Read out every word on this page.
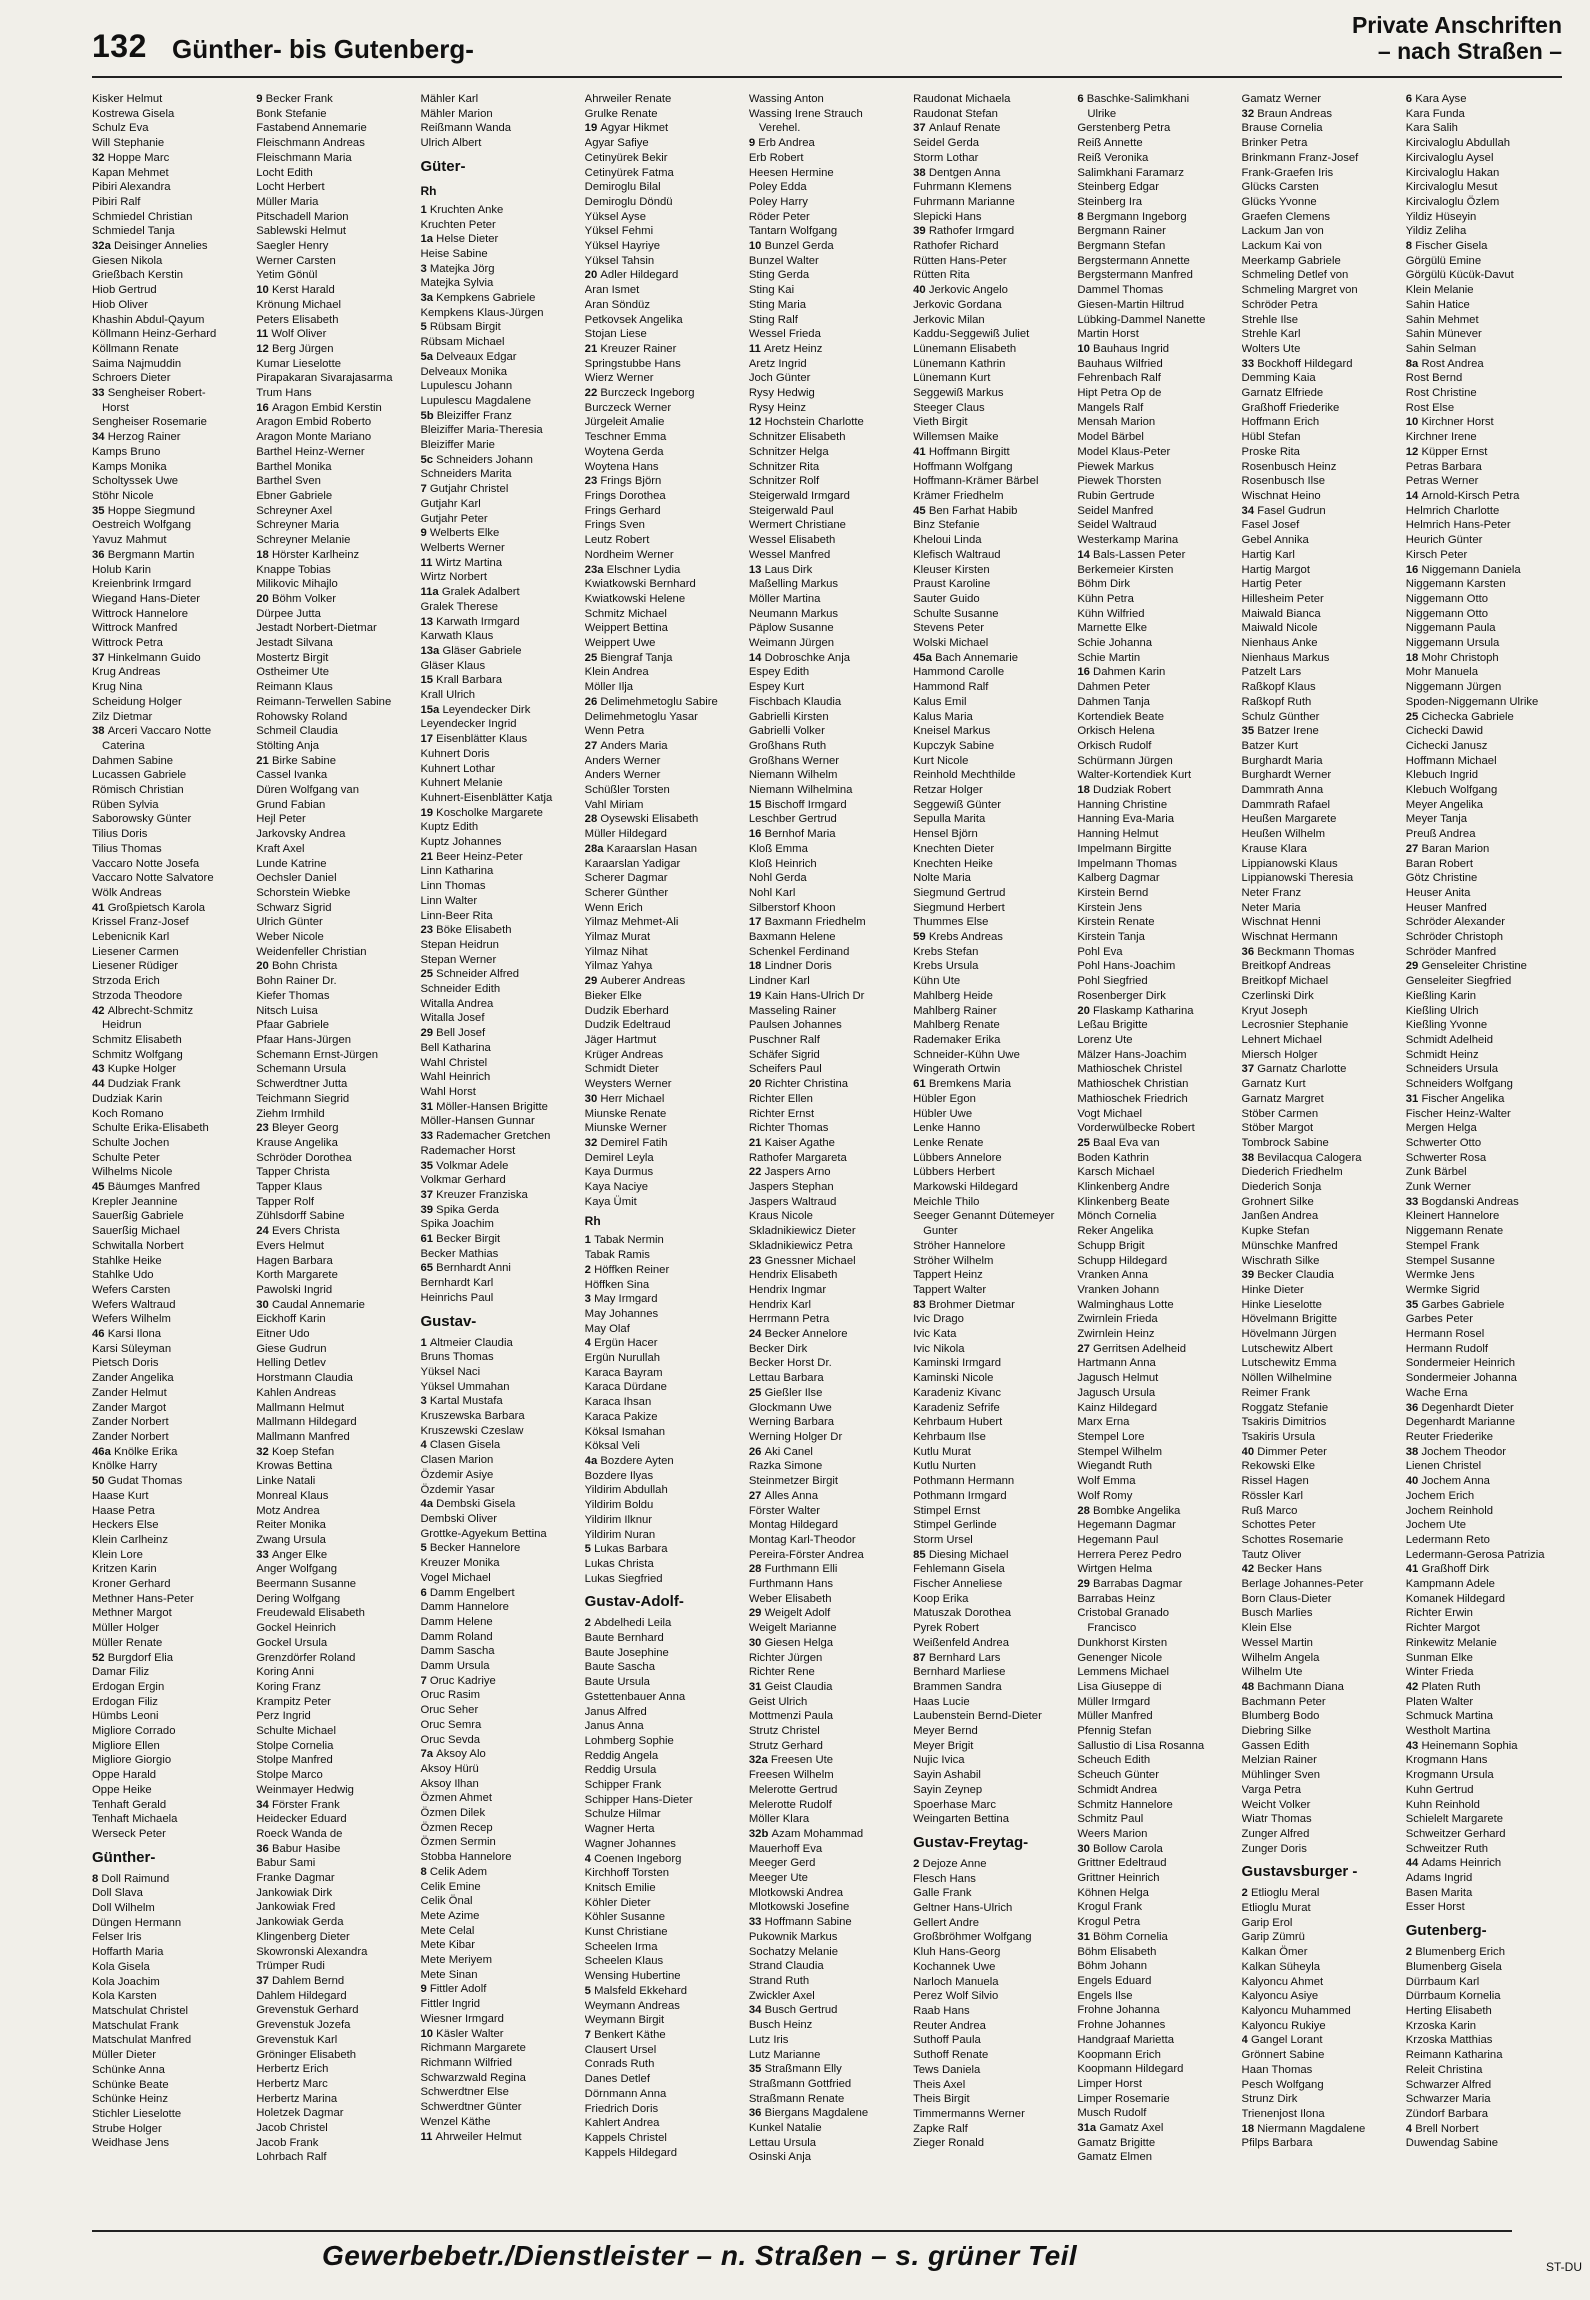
132 Günther- bis Gutenberg-
Private Anschriften
– nach Straßen –
Kisker Helmut
Kostrewa Gisela
Schulz Eva
Will Stephanie
32 Hoppe Marc
Kapan Mehmet
Pibiri Alexandra
Pibiri Ralf
Schmiedel Christian
Schmiedel Tanja
32a Deisinger Annelies
Giesen Nikola
Grießbach Kerstin
Hiob Gertrud
Hiob Oliver
Khashin Abdul-Qayum
Köllmann Heinz-Gerhard
Köllmann Renate
Saima Najmuddin
Schroers Dieter
33 Sengheiser Robert-
Horst
Sengheiser Rosemarie
34 Herzog Rainer
Kamps Bruno
Kamps Monika
Scholtyssek Uwe
Stöhr Nicole
35 Hoppe Siegmund
Oestreich Wolfgang
Yavuz Mahmut
36 Bergmann Martin
Holub Karin
Kreienbrink Irmgard
Wiegand Hans-Dieter
Wittrock Hannelore
Wittrock Manfred
Wittrock Petra
37 Hinkelmann Guido
Krug Andreas
Krug Nina
Scheidung Holger
Zilz Dietmar
38 Arceri Vaccaro Notte
Caterina
Dahmen Sabine
Lucassen Gabriele
Römisch Christian
Rüben Sylvia
Saborowsky Günter
Tilius Doris
Tilius Thomas
Vaccaro Notte Josefa
Vaccaro Notte Salvatore
Wölk Andreas
41 Großpietsch Karola
Krissel Franz-Josef
Lebenicnik Karl
Liesener Carmen
Liesener Rüdiger
Strzoda Erich
Strzoda Theodore
42 Albrecht-Schmitz
Heidrun
Schmitz Elisabeth
Schmitz Wolfgang
43 Kupke Holger
44 Dudziak Frank
Dudziak Karin
Koch Romano
Schulte Erika-Elisabeth
Schulte Jochen
Schulte Peter
Wilhelms Nicole
45 Bäumges Manfred
Krepler Jeannine
Sauerßig Gabriele
Sauerßig Michael
Schwitalla Norbert
Stahlke Heike
Stahlke Udo
Wefers Carsten
Wefers Waltraud
Wefers Wilhelm
46 Karsi Ilona
Karsi Süleyman
Pietsch Doris
Zander Angelika
Zander Helmut
Zander Margot
Zander Norbert
Zander Norbert
46a Knölke Erika
Knölke Harry
50 Gudat Thomas
Haase Kurt
Haase Petra
Heckers Else
Klein Carlheinz
Klein Lore
Kritzen Karin
Kroner Gerhard
Methner Hans-Peter
Methner Margot
Müller Holger
Müller Renate
52 Burgdorf Elia
Damar Filiz
Erdogan Ergin
Erdogan Filiz
Hümbs Leoni
Migliore Corrado
Migliore Ellen
Migliore Giorgio
Oppe Harald
Oppe Heike
Tenhaft Gerald
Tenhaft Michaela
Werseck Peter
Günther-
8 Doll Raimund
Doll Slava
Doll Wilhelm
Düngen Hermann
Felser Iris
Hoffarth Maria
Kola Gisela
Kola Joachim
Kola Karsten
Matschulat Christel
Matschulat Frank
Matschulat Manfred
Müller Dieter
Schünke Anna
Schünke Beate
Schünke Heinz
Stichler Lieselotte
Strube Holger
Weidhase Jens
9 Becker Frank
Bonk Stefanie
Fastabend Annemarie
Fleischmann Andreas
Fleischmann Maria
Locht Edith
Locht Herbert
Müller Maria
Pitschadell Marion
Sablewski Helmut
Saegler Henry
Werner Carsten
Yetim Gönül
10 Kerst Harald
Krönung Michael
Peters Elisabeth
11 Wolf Oliver
12 Berg Jürgen
Kumar Lieselotte
Pirapakaran Sivarajasarma
Trum Hans
16 Aragon Embid Kerstin
Aragon Embid Roberto
Aragon Monte Mariano
Barthel Heinz-Werner
Barthel Monika
Barthel Sven
Ebner Gabriele
Schreyner Axel
Schreyner Maria
Schreyner Melanie
18 Hörster Karlheinz
Knappe Tobias
Milikovic Mihajlo
20 Böhm Volker
Dürpee Jutta
Jestadt Norbert-Dietmar
Jestadt Silvana
Mostertz Birgit
Ostheimer Ute
Reimann Klaus
Reimann-Terwellen Sabine
Rohowsky Roland
Schmeil Claudia
Stölting Anja
21 Birke Sabine
Cassel Ivanka
Düren Wolfgang van
Grund Fabian
Hejl Peter
Jarkovsky Andrea
Kraft Axel
Lunde Katrine
Oechsler Daniel
Schorstein Wiebke
Schwarz Sigrid
Ulrich Günter
Weber Nicole
Weidenfeller Christian
20 Bohn Christa
Bohn Rainer Dr.
Kiefer Thomas
Nitsch Luisa
Pfaar Gabriele
Pfaar Hans-Jürgen
Schemann Ernst-Jürgen
Schemann Ursula
Schwerdtner Jutta
Teichmann Siegrid
Ziehm Irmhild
23 Bleyer Georg
Krause Angelika
Schröder Dorothea
Tapper Christa
Tapper Klaus
Tapper Rolf
Zühlsdorff Sabine
24 Evers Christa
Evers Helmut
Hagen Barbara
Korth Margarete
Pawolski Ingrid
30 Caudal Annemarie
Eickhoff Karin
Eitner Udo
Giese Gudrun
Helling Detlev
Horstmann Claudia
Kahlen Andreas
Mallmann Helmut
Mallmann Hildegard
Mallmann Manfred
32 Koep Stefan
Krowas Bettina
Linke Natali
Monreal Klaus
Motz Andrea
Reiter Monika
Zwang Ursula
33 Anger Elke
Anger Wolfgang
Beermann Susanne
Dering Wolfgang
Freudewald Elisabeth
Gockel Heinrich
Gockel Ursula
Grenzdörfer Roland
Koring Anni
Koring Franz
Krampitz Peter
Perz Ingrid
Schulte Michael
Stolpe Cornelia
Stolpe Manfred
Stolpe Marco
Weinmayer Hedwig
34 Förster Frank
Heidecker Eduard
Roeck Wanda de
36 Babur Hasibe
Babur Sami
Franke Dagmar
Jankowiak Dirk
Jankowiak Fred
Jankowiak Gerda
Klingenberg Dieter
Skowronski Alexandra
Trümper Rudi
37 Dahlem Bernd
Dahlem Hildegard
Grevenstuk Gerhard
Grevenstuk Jozefa
Grevenstuk Karl
Gröninger Elisabeth
Herbertz Erich
Herbertz Marc
Herbertz Marina
Holetzek Dagmar
Jacob Christel
Jacob Frank
Lohrbach Ralf
Mähler Karl
Mähler Marion
Reißmann Wanda
Ulrich Albert
Güter-
Rh
1 Kruchten Anke
Kruchten Peter
1a Helse Dieter
Heise Sabine
3 Matejka Jörg
Matejka Sylvia
3a Kempkens Gabriele
Kempkens Klaus-Jürgen
5 Rübsam Birgit
Rübsam Michael
5a Delveaux Edgar
Delveaux Monika
Lupulescu Johann
Lupulescu Magdalene
5b Bleiziffer Franz
Bleiziffer Maria-Theresia
Bleiziffer Marie
5c Schneiders Johann
Schneiders Marita
7 Gutjahr Christel
Gutjahr Karl
Gutjahr Peter
9 Welberts Elke
Welberts Werner
11 Wirtz Martina
Wirtz Norbert
11a Gralek Adalbert
Gralek Therese
13 Karwath Irmgard
Karwath Klaus
13a Gläser Gabriele
Gläser Klaus
15 Krall Barbara
Krall Ulrich
15a Leyendecker Dirk
Leyendecker Ingrid
17 Eisenblätter Klaus
Kuhnert Doris
Kuhnert Lothar
Kuhnert Melanie
Kuhnert-Eisenblätter Katja
19 Koscholke Margarete
Kuptz Edith
Kuptz Johannes
21 Beer Heinz-Peter
Linn Katharina
Linn Thomas
Linn Walter
Linn-Beer Rita
23 Böke Elisabeth
Stepan Heidrun
Stepan Werner
25 Schneider Alfred
Schneider Edith
Witalla Andrea
Witalla Josef
29 Bell Josef
Bell Katharina
Wahl Christel
Wahl Heinrich
Wahl Horst
31 Möller-Hansen Brigitte
Möller-Hansen Gunnar
33 Rademacher Gretchen
Rademacher Horst
35 Volkmar Adele
Volkmar Gerhard
37 Kreuzer Franziska
39 Spika Gerda
Spika Joachim
61 Becker Birgit
Becker Mathias
65 Bernhardt Anni
Bernhardt Karl
Heinrichs Paul
Gustav-
1 Altmeier Claudia
Bruns Thomas
Yüksel Naci
Yüksel Ummahan
3 Kartal Mustafa
Kruszewska Barbara
Kruszewski Czeslaw
4 Clasen Gisela
Clasen Marion
Özdemir Asiye
Özdemir Yasar
4a Dembski Gisela
Dembski Oliver
Grottke-Agyekum Bettina
5 Becker Hannelore
Kreuzer Monika
Vogel Michael
6 Damm Engelbert
Damm Hannelore
Damm Helene
Damm Roland
Damm Sascha
Damm Ursula
7 Oruc Kadriye
Oruc Rasim
Oruc Seher
Oruc Semra
Oruc Sevda
7a Aksoy Alo
Aksoy Hürü
Aksoy Ilhan
Özmen Ahmet
Özmen Dilek
Özmen Recep
Özmen Sermin
Stobba Hannelore
8 Celik Adem
Celik Emine
Celik Önal
Mete Azime
Mete Celal
Mete Kibar
Mete Meriyem
Mete Sinan
9 Fittler Adolf
Fittler Ingrid
Wiesner Irmgard
10 Käsler Walter
Richmann Margarete
Richmann Wilfried
Schwarzwald Regina
Schwerdtner Else
Schwerdtner Günter
Wenzel Käthe
11 Ahrweiler Helmut
Ahrweiler Renate
Grulke Renate
19 Agyar Hikmet
Agyar Safiye
Cetinyürek Bekir
Cetinyürek Fatma
Demiroglu Bilal
Demiroglu Döndü
Yüksel Ayse
Yüksel Fehmi
Yüksel Hayriye
Yüksel Tahsin
20 Adler Hildegard
Aran Ismet
Aran Söndüz
Petkovsek Angelika
Stojan Liese
21 Kreuzer Rainer
Springstubbe Hans
Wierz Werner
22 Burczeck Ingeborg
Burczeck Werner
Jürgeleit Amalie
Teschner Emma
Woytena Gerda
Woytena Hans
23 Frings Björn
Frings Dorothea
Frings Gerhard
Frings Sven
Leutz Robert
Nordheim Werner
23a Elschner Lydia
Kwiatkowski Bernhard
Kwiatkowski Helene
Schmitz Michael
Weippert Bettina
Weippert Uwe
25 Biengraf Tanja
Klein Andrea
Möller Ilja
26 Delimehmetoglu Sabire
Delimehmetoglu Yasar
Wenn Petra
27 Anders Maria
Anders Werner
Anders Werner
Schüßler Torsten
Vahl Miriam
28 Oysewski Elisabeth
Müller Hildegard
28a Karaarslan Hasan
Karaarslan Yadigar
Scherer Dagmar
Scherer Günther
Wenn Erich
Yilmaz Mehmet-Ali
Yilmaz Murat
Yilmaz Nihat
Yilmaz Yahya
29 Auberer Andreas
Bieker Elke
Dudzik Eberhard
Dudzik Edeltraud
Jäger Hartmut
Krüger Andreas
Schmidt Dieter
Weysters Werner
30 Herr Michael
Miunske Renate
Miunske Werner
32 Demirel Fatih
Demirel Leyla
Kaya Durmus
Kaya Naciye
Kaya Ümit
Rh
1 Tabak Nermin
Tabak Ramis
2 Höffken Reiner
Höffken Sina
3 May Irmgard
May Johannes
May Olaf
4 Ergün Hacer
Ergün Nurullah
Karaca Bayram
Karaca Dürdane
Karaca Ihsan
Karaca Pakize
Köksal Ismahan
Köksal Veli
4a Bozdere Ayten
Bozdere Ilyas
Yildirim Abdullah
Yildirim Boldu
Yildirim Ilknur
Yildirim Nuran
5 Lukas Barbara
Lukas Christa
Lukas Siegfried
Gustav-Adolf-
2 Abdelhedi Leila
Baute Bernhard
Baute Josephine
Baute Sascha
Baute Ursula
Gstettenbauer Anna
Janus Alfred
Janus Anna
Lohmberg Sophie
Reddig Angela
Reddig Ursula
Schipper Frank
Schipper Hans-Dieter
Schulze Hilmar
Wagner Herta
Wagner Johannes
4 Coenen Ingeborg
Kirchhoff Torsten
Knitsch Emilie
Köhler Dieter
Köhler Susanne
Kunst Christiane
Scheelen Irma
Scheelen Klaus
Wensing Hubertine
5 Malsfeld Ekkehard
Weymann Andreas
Weymann Birgit
7 Benkert Käthe
Clausert Ursel
Conrads Ruth
Danes Detlef
Dörnmann Anna
Friedrich Doris
Kahlert Andrea
Kappels Christel
Kappels Hildegard
Wassing Anton
Wassing Irene Strauch
Verehel.
9 Erb Andrea
Erb Robert
Heesen Hermine
Poley Edda
Poley Harry
Röder Peter
Tantarn Wolfgang
10 Bunzel Gerda
Bunzel Walter
Sting Gerda
Sting Kai
Sting Maria
Sting Ralf
Wessel Frieda
11 Aretz Heinz
Aretz Ingrid
Joch Günter
Rysy Hedwig
Rysy Heinz
12 Hochstein Charlotte
Schnitzer Elisabeth
Schnitzer Helga
Schnitzer Rita
Schnitzer Rolf
Steigerwald Irmgard
Steigerwald Paul
Wermert Christiane
Wessel Elisabeth
Wessel Manfred
13 Laus Dirk
Maßelling Markus
Möller Martina
Neumann Markus
Päplow Susanne
Weimann Jürgen
14 Dobroschke Anja
Espey Edith
Espey Kurt
Fischbach Klaudia
Gabrielli Kirsten
Gabrielli Volker
Großhans Ruth
Großhans Werner
Niemann Wilhelm
Niemann Wilhelmina
15 Bischoff Irmgard
Leschber Gertrud
16 Bernhof Maria
Kloß Emma
Kloß Heinrich
Nohl Gerda
Nohl Karl
Silberstorf Khoon
17 Baxmann Friedhelm
Baxmann Helene
Schenkel Ferdinand
18 Lindner Doris
Lindner Karl
19 Kain Hans-Ulrich Dr
Masseling Rainer
Paulsen Johannes
Puschner Ralf
Schäfer Sigrid
Scheifers Paul
20 Richter Christina
Richter Ellen
Richter Ernst
Richter Thomas
21 Kaiser Agathe
Rathofer Margareta
22 Jaspers Arno
Jaspers Stephan
Jaspers Waltraud
Kraus Nicole
Skladnikiewicz Dieter
Skladnikiewicz Petra
23 Gnessner Michael
Hendrix Elisabeth
Hendrix Ingmar
Hendrix Karl
Herrmann Petra
24 Becker Annelore
Becker Dirk
Becker Horst Dr.
Lettau Barbara
25 Gießler Ilse
Glockmann Uwe
Werning Barbara
Werning Holger Dr
26 Aki Canel
Razka Simone
Steinmetzer Birgit
27 Alles Anna
Förster Walter
Montag Hildegard
Montag Karl-Theodor
Pereira-Förster Andrea
28 Furthmann Elli
Furthmann Hans
Weber Elisabeth
29 Weigelt Adolf
Weigelt Marianne
30 Giesen Helga
Richter Jürgen
Richter Rene
31 Geist Claudia
Geist Ulrich
Mottmenzi Paula
Strutz Christel
Strutz Gerhard
32a Freesen Ute
Freesen Wilhelm
Melerotte Gertrud
Melerotte Rudolf
Möller Klara
32b Azam Mohammad
Mauerhoff Eva
Meeger Gerd
Meeger Ute
Mlotkowski Andrea
Mlotkowski Josefine
33 Hoffmann Sabine
Pukownik Markus
Sochatzy Melanie
Strand Claudia
Strand Ruth
Zwickler Axel
34 Busch Gertrud
Busch Heinz
Lutz Iris
Lutz Marianne
35 Straßmann Elly
Straßmann Gottfried
Straßmann Renate
36 Biergans Magdalene
Kunkel Natalie
Lettau Ursula
Osinski Anja
Raudonat Michaela
Raudonat Stefan
37 Anlauf Renate
Seidel Gerda
Storm Lothar
38 Dentgen Anna
Fuhrmann Klemens
Fuhrmann Marianne
Slepicki Hans
39 Rathofer Irmgard
Rathofer Richard
Rütten Hans-Peter
Rütten Rita
40 Jerkovic Angelo
Jerkovic Gordana
Jerkovic Milan
Kaddu-Seggewiß Juliet
Lünemann Elisabeth
Lünemann Kathrin
Lünemann Kurt
Seggewiß Markus
Steeger Claus
Vieth Birgit
Willemsen Maike
41 Hoffmann Birgitt
Hoffmann Wolfgang
Hoffmann-Krämer Bärbel
Krämer Friedhelm
45 Ben Farhat Habib
Binz Stefanie
Kheloui Linda
Klefisch Waltraud
Kleuser Kirsten
Praust Karoline
Sauter Guido
Schulte Susanne
Stevens Peter
Wolski Michael
45a Bach Annemarie
Hammond Carolle
Hammond Ralf
Kalus Emil
Kalus Maria
Kneisel Markus
Kupczyk Sabine
Kurt Nicole
Reinhold Mechthilde
Retzar Holger
Seggewiß Günter
Sepulla Marita
Hensel Björn
Knechten Dieter
Knechten Heike
Nolte Maria
Siegmund Gertrud
Siegmund Herbert
Thummes Else
59 Krebs Andreas
Krebs Stefan
Krebs Ursula
Kühn Ute
Mahlberg Heide
Mahlberg Rainer
Mahlberg Renate
Rademaker Erika
Schneider-Kühn Uwe
Wingerath Ortwin
61 Bremkens Maria
Hübler Egon
Hübler Uwe
Lenke Hanno
Lenke Renate
Lübbers Annelore
Lübbers Herbert
Markowski Hildegard
Meichle Thilo
Seeger Genannt Dütemeyer
Gunter
Ströher Hannelore
Ströher Wilhelm
Tappert Heinz
Tappert Walter
83 Brohmer Dietmar
Ivic Drago
Ivic Kata
Ivic Nikola
Kaminski Irmgard
Kaminski Nicole
Karadeniz Kivanc
Karadeniz Sefrife
Kehrbaum Hubert
Kehrbaum Ilse
Kutlu Murat
Kutlu Nurten
Pothmann Hermann
Pothmann Irmgard
Stimpel Ernst
Stimpel Gerlinde
Storm Ursel
85 Diesing Michael
Fehlemann Gisela
Fischer Anneliese
Koop Erika
Matuszak Dorothea
Pyrek Robert
Weißenfeld Andrea
87 Bernhard Lars
Bernhard Marliese
Brammen Sandra
Haas Lucie
Laubenstein Bernd-Dieter
Meyer Bernd
Meyer Brigit
Nujic Ivica
Sayin Ashabil
Sayin Zeynep
Spoerhase Marc
Weingarten Bettina
Gustav-Freytag-
2 Dejoze Anne
Flesch Hans
Galle Frank
Geltner Hans-Ulrich
Gellert Andre
Großbröhmer Wolfgang
Kluh Hans-Georg
Kochannek Uwe
Narloch Manuela
Perez Wolf Silvio
Raab Hans
Reuter Andrea
Suthoff Paula
Suthoff Renate
Tews Daniela
Theis Axel
Theis Birgit
Timmermanns Werner
Zapke Ralf
Zieger Ronald
6 Baschke-Salimkhani
Ulrike
Gerstenberg Petra
Reiß Annette
Reiß Veronika
Salimkhani Faramarz
Steinberg Edgar
Steinberg Ira
8 Bergmann Ingeborg
Bergmann Rainer
Bergmann Stefan
Bergstermann Annette
Bergstermann Manfred
Dammel Thomas
Giesen-Martin Hiltrud
Lübking-Dammel Nanette
Martin Horst
10 Bauhaus Ingrid
Bauhaus Wilfried
Fehrenbach Ralf
Hipt Petra Op de
Mangels Ralf
Mensah Marion
Model Bärbel
Model Klaus-Peter
Piewek Markus
Piewek Thorsten
Rubin Gertrude
Seidel Manfred
Seidel Waltraud
Westerkamp Marina
14 Bals-Lassen Peter
Berkemeier Kirsten
Böhm Dirk
Kühn Petra
Kühn Wilfried
Marnette Elke
Schie Johanna
Schie Martin
16 Dahmen Karin
Dahmen Peter
Dahmen Tanja
Kortendiek Beate
Orkisch Helena
Orkisch Rudolf
Schürmann Jürgen
Walter-Kortendiek Kurt
18 Dudziak Robert
Hanning Christine
Hanning Eva-Maria
Hanning Helmut
Impelmann Birgitte
Impelmann Thomas
Kalberg Dagmar
Kirstein Bernd
Kirstein Jens
Kirstein Renate
Kirstein Tanja
Pohl Eva
Pohl Hans-Joachim
Pohl Siegfried
Rosenberger Dirk
20 Flaskamp Katharina
Leßau Brigitte
Lorenz Ute
Mälzer Hans-Joachim
Mathioschek Christel
Mathioschek Christian
Mathioschek Friedrich
Vogt Michael
Vorderwülbecke Robert
25 Baal Eva van
Boden Kathrin
Karsch Michael
Klinkenberg Andre
Klinkenberg Beate
Mönch Cornelia
Reker Angelika
Schupp Brigit
Schupp Hildegard
Vranken Anna
Vranken Johann
Walminghaus Lotte
Zwirnlein Frieda
Zwirnlein Heinz
27 Gerritsen Adelheid
Hartmann Anna
Jagusch Helmut
Jagusch Ursula
Kainz Hildegard
Marx Erna
Stempel Lore
Stempel Wilhelm
Wiegandt Ruth
Wolf Emma
Wolf Romy
28 Bombke Angelika
Hegemann Dagmar
Hegemann Paul
Herrera Perez Pedro
Wirtgen Helma
29 Barrabas Dagmar
Barrabas Heinz
Cristobal Granado
Francisco
Dunkhorst Kirsten
Genenger Nicole
Lemmens Michael
Lisa Giuseppe di
Müller Irmgard
Müller Manfred
Pfennig Stefan
Sallustio di Lisa Rosanna
Scheuch Edith
Scheuch Günter
Schmidt Andrea
Schmitz Hannelore
Schmitz Paul
Weers Marion
30 Bollow Carola
Grittner Edeltraud
Grittner Heinrich
Köhnen Helga
Krogul Frank
Krogul Petra
31 Böhm Cornelia
Böhm Elisabeth
Böhm Johann
Engels Eduard
Engels Ilse
Frohne Johanna
Frohne Johannes
Handgraaf Marietta
Koopmann Erich
Koopmann Hildegard
Limper Horst
Limper Rosemarie
Musch Rudolf
31a Gamatz Axel
Gamatz Brigitte
Gamatz Elmen
Gamatz Werner
32 Braun Andreas
Brause Cornelia
Brinker Petra
Brinkmann Franz-Josef
Frank-Graefen Iris
Glücks Carsten
Glücks Yvonne
Graefen Clemens
Lackum Jan von
Lackum Kai von
Meerkamp Gabriele
Schmeling Detlef von
Schmeling Margret von
Schröder Petra
Strehle Ilse
Strehle Karl
Wolters Ute
33 Bockhoff Hildegard
Demming Kaia
Garnatz Elfriede
Graßhoff Friederike
Hoffmann Erich
Hübl Stefan
Proske Rita
Rosenbusch Heinz
Rosenbusch Ilse
Wischnat Heino
34 Fasel Gudrun
Fasel Josef
Gebel Annika
Hartig Karl
Hartig Margot
Hartig Peter
Hillesheim Peter
Maiwald Bianca
Maiwald Nicole
Nienhaus Anke
Nienhaus Markus
Patzelt Lars
Raßkopf Klaus
Raßkopf Ruth
Schulz Günther
35 Batzer Irene
Batzer Kurt
Burghardt Maria
Burghardt Werner
Dammrath Anna
Dammrath Rafael
Heußen Margarete
Heußen Wilhelm
Krause Klara
Lippianowski Klaus
Lippianowski Theresia
Neter Franz
Neter Maria
Wischnat Henni
Wischnat Hermann
36 Beckmann Thomas
Breitkopf Andreas
Breitkopf Michael
Czerlinski Dirk
Kryut Joseph
Lecrosnier Stephanie
Lehnert Michael
Miersch Holger
37 Garnatz Charlotte
Garnatz Kurt
Garnatz Margret
Stöber Carmen
Stöber Margot
Tombrock Sabine
38 Bevilacqua Calogera
Diederich Friedhelm
Diederich Sonja
Grohnert Silke
Janßen Andrea
Kupke Stefan
Münschke Manfred
Wischrath Silke
39 Becker Claudia
Hinke Dieter
Hinke Lieselotte
Hövelmann Brigitte
Hövelmann Jürgen
Lutschewitz Albert
Lutschewitz Emma
Nöllen Wilhelmine
Reimer Frank
Roggatz Stefanie
Tsakiris Dimitrios
Tsakiris Ursula
40 Dimmer Peter
Rekowski Elke
Rissel Hagen
Rössler Karl
Ruß Marco
Schottes Peter
Schottes Rosemarie
Tautz Oliver
42 Becker Hans
Berlage Johannes-Peter
Born Claus-Dieter
Busch Marlies
Klein Else
Wessel Martin
Wilhelm Angela
Wilhelm Ute
48 Bachmann Diana
Bachmann Peter
Blumberg Bodo
Diebring Silke
Gassen Edith
Melzian Rainer
Mühlinger Sven
Varga Petra
Weicht Volker
Wiatr Thomas
Zunger Alfred
Zunger Doris
Gustavsburger -
2 Etlioglu Meral
Etlioglu Murat
Garip Erol
Garip Zümrü
Kalkan Ömer
Kalkan Süheyla
Kalyoncu Ahmet
Kalyoncu Asiye
Kalyoncu Muhammed
Kalyoncu Rukiye
4 Gangel Lorant
Grönnert Sabine
Haan Thomas
Pesch Wolfgang
Strunz Dirk
Trienenjost Ilona
18 Niermann Magdalene
Pfilps Barbara
6 Kara Ayse
Kara Funda
Kara Salih
Kircivaloglu Abdullah
Kircivaloglu Aysel
Kircivaloglu Hakan
Kircivaloglu Mesut
Kircivaloglu Özlem
Yildiz Hüseyin
Yildiz Zeliha
8 Fischer Gisela
Görgülü Emine
Görgülü Kücük-Davut
Klein Melanie
Sahin Hatice
Sahin Mehmet
Sahin Münever
Sahin Selman
8a Rost Andrea
Rost Bernd
Rost Christine
Rost Else
10 Kirchner Horst
Kirchner Irene
12 Küpper Ernst
Petras Barbara
Petras Werner
14 Arnold-Kirsch Petra
Helmrich Charlotte
Helmrich Hans-Peter
Heurich Günter
Kirsch Peter
16 Niggemann Daniela
Niggemann Karsten
Niggemann Otto
Niggemann Otto
Niggemann Paula
Niggemann Ursula
18 Mohr Christoph
Mohr Manuela
Niggemann Jürgen
Spoden-Niggemann Ulrike
25 Cichecka Gabriele
Cichecki Dawid
Cichecki Janusz
Hoffmann Michael
Klebuch Ingrid
Klebuch Wolfgang
Meyer Angelika
Meyer Tanja
Preuß Andrea
27 Baran Marion
Baran Robert
Götz Christine
Heuser Anita
Heuser Manfred
Schröder Alexander
Schröder Christoph
Schröder Manfred
29 Genseleiter Christine
Genseleiter Siegfried
Kießling Karin
Kießling Ulrich
Kießling Yvonne
Schmidt Adelheid
Schmidt Heinz
Schneiders Ursula
Schneiders Wolfgang
31 Fischer Angelika
Fischer Heinz-Walter
Mergen Helga
Schwerter Otto
Schwerter Rosa
Zunk Bärbel
Zunk Werner
33 Bogdanski Andreas
Kleinert Hannelore
Niggemann Renate
Stempel Frank
Stempel Susanne
Wermke Jens
Wermke Sigrid
35 Garbes Gabriele
Garbes Peter
Hermann Rosel
Hermann Rudolf
Sondermeier Heinrich
Sondermeier Johanna
Wache Erna
36 Degenhardt Dieter
Degenhardt Marianne
Reuter Friederike
38 Jochem Theodor
Lienen Christel
40 Jochem Anna
Jochem Erich
Jochem Reinhold
Jochem Ute
Ledermann Reto
Ledermann-Gerosa Patrizia
41 Graßhoff Dirk
Kampmann Adele
Komanek Hildegard
Richter Erwin
Richter Margot
Rinkewitz Melanie
Sunman Elke
Winter Frieda
42 Platen Ruth
Platen Walter
Schmuck Martina
Westholt Martina
43 Heinemann Sophia
Krogmann Hans
Krogmann Ursula
Kuhn Gertrud
Kuhn Reinhold
Schielelt Margarete
Schweitzer Gerhard
Schweitzer Ruth
44 Adams Heinrich
Adams Ingrid
Basen Marita
Esser Horst
Gutenberg-
2 Blumenberg Erich
Blumenberg Gisela
Dürrbaum Karl
Dürrbaum Kornelia
Herting Elisabeth
Krzoska Karin
Krzoska Matthias
Reimann Katharina
Releit Christina
Schwarzer Alfred
Schwarzer Maria
Zündorf Barbara
4 Brell Norbert
Duwendag Sabine
Gewerbebetr./Dienstleister – n. Straßen – s. grüner Teil	ST-DU
